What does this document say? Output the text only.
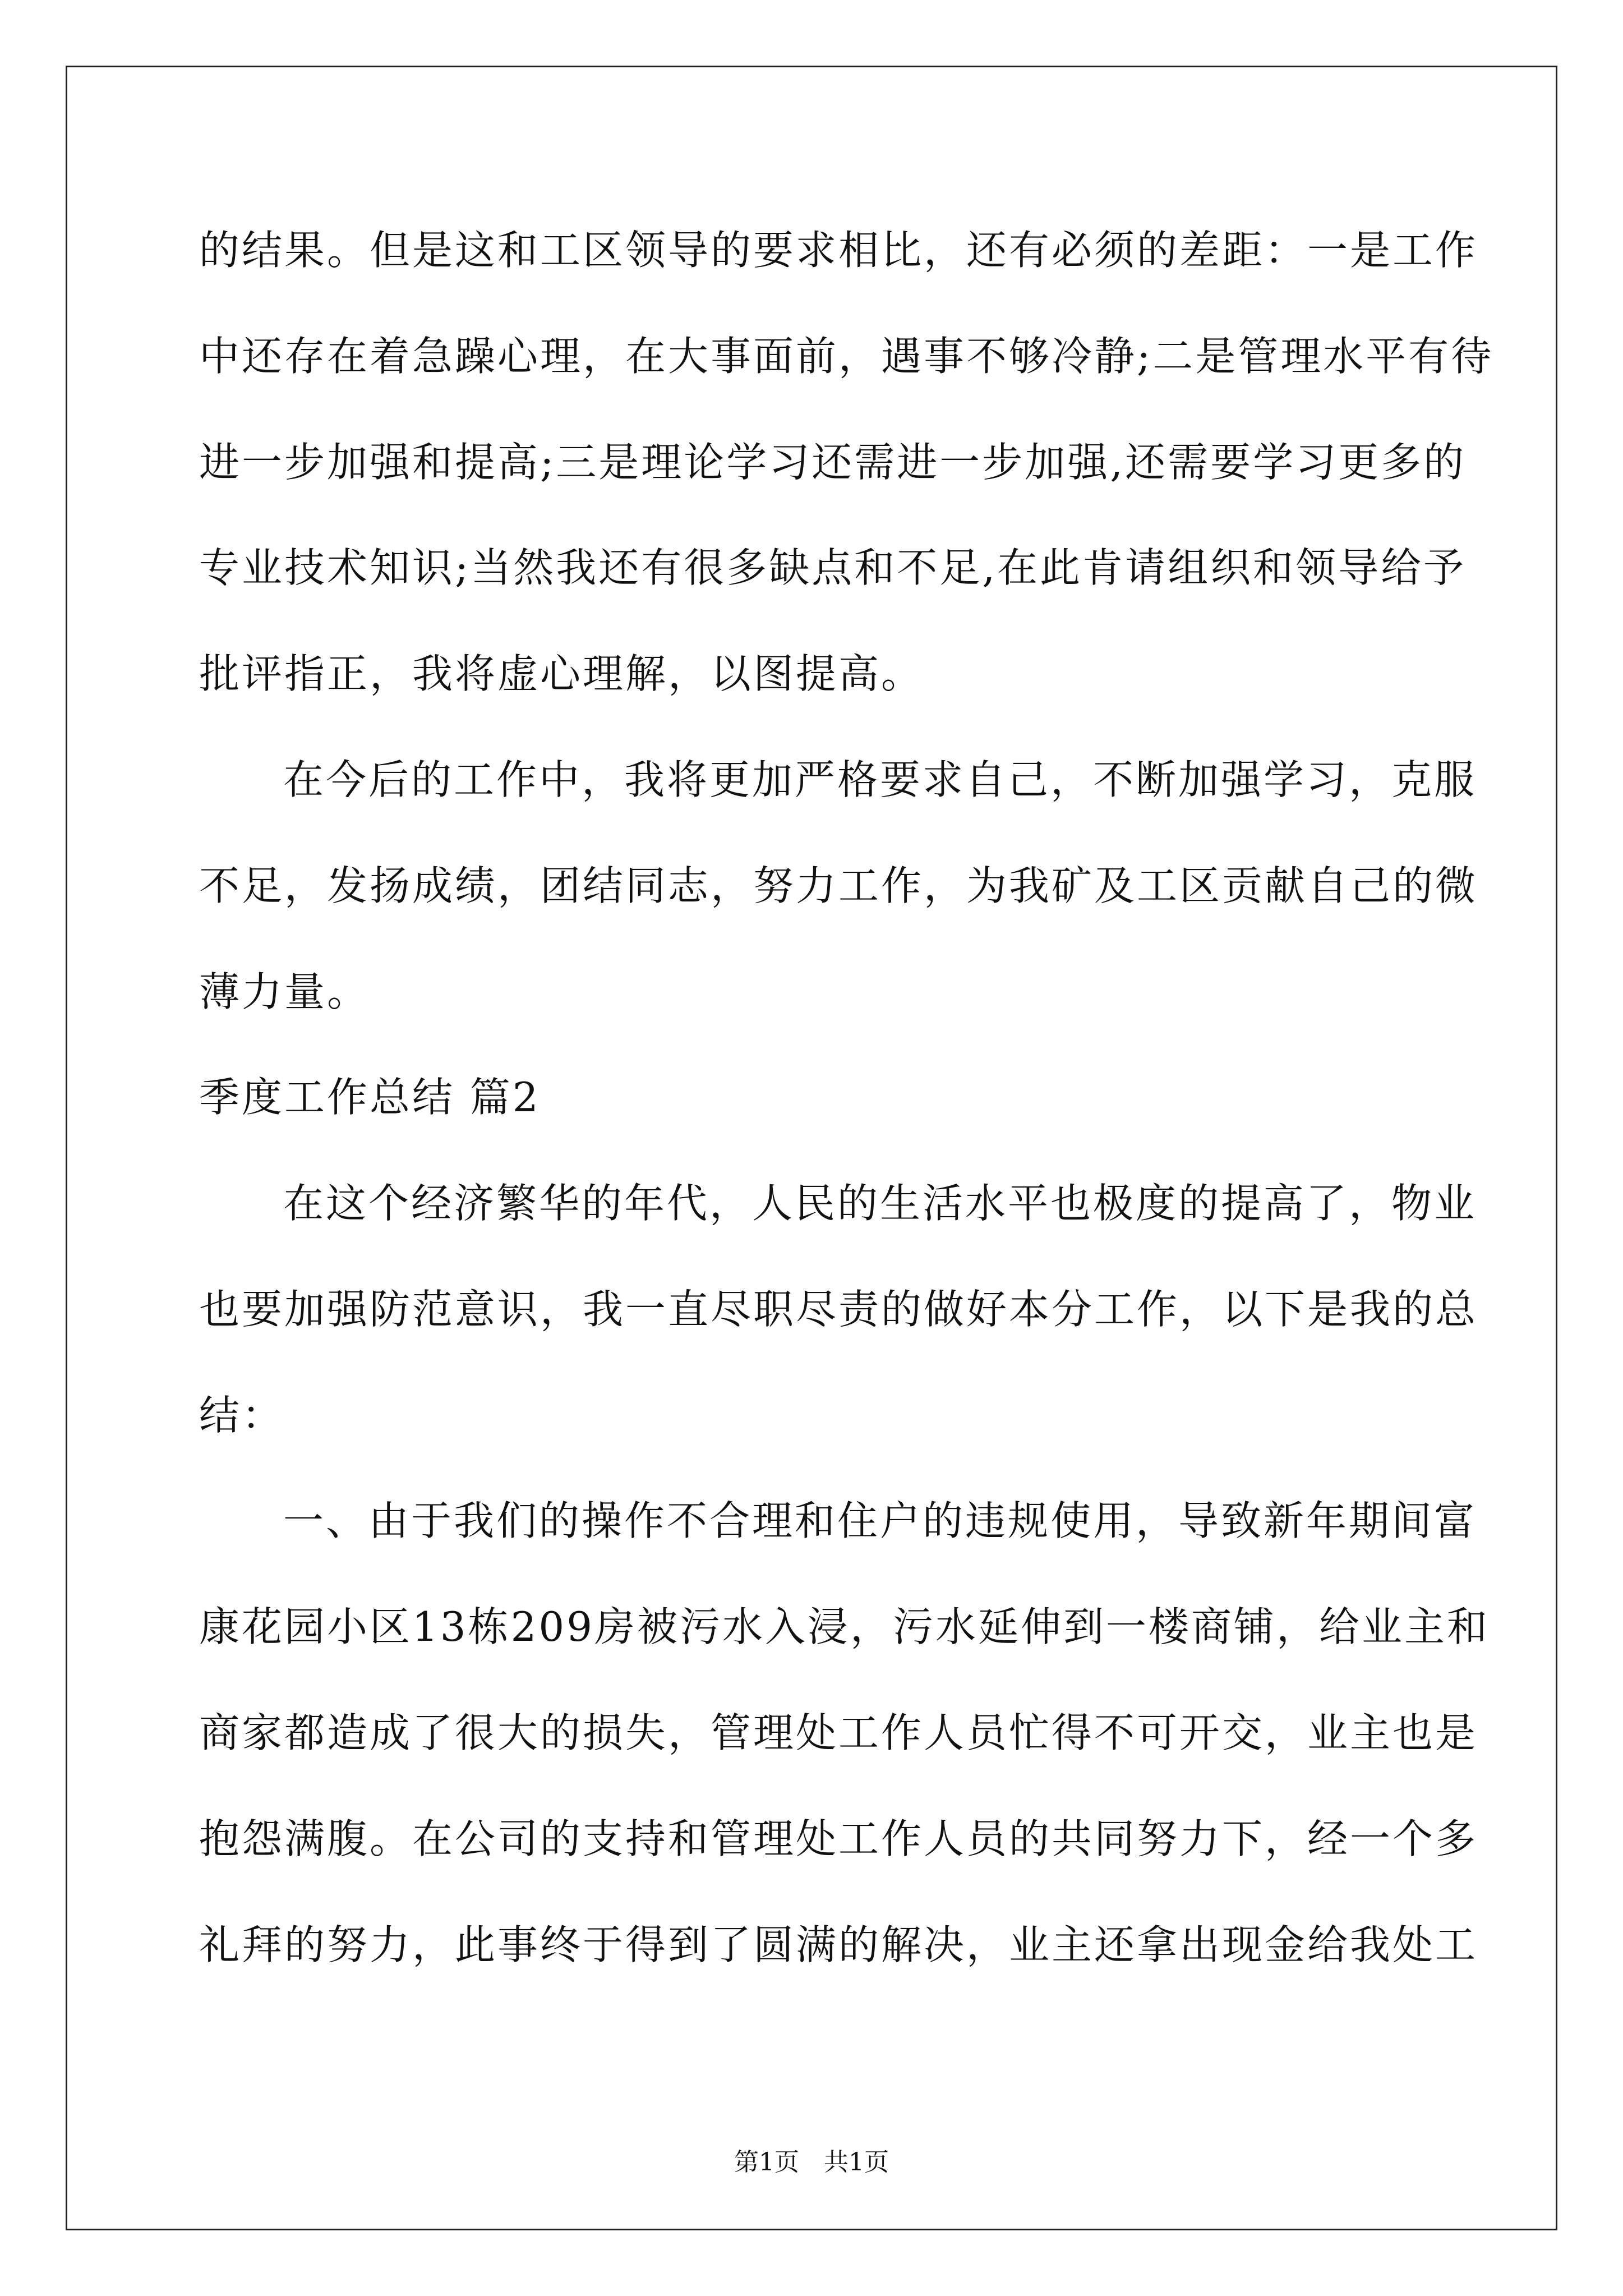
的结果。但是这和工区领导的要求相比，还有必须的差距：一是工作
中还存在着急躁心理，在大事面前，遇事不够冷静;二是管理水平有待
进一步加强和提高;三是理论学习还需进一步加强,还需要学习更多的
专业技术知识;当然我还有很多缺点和不足,在此肯请组织和领导给予
批评指正，我将虚心理解，以图提高。
在今后的工作中，我将更加严格要求自己，不断加强学习，克服
不足，发扬成绩，团结同志，努力工作，为我矿及工区贡献自己的微
薄力量。
季度工作总结 篇2
在这个经济繁华的年代，人民的生活水平也极度的提高了，物业
也要加强防范意识，我一直尽职尽责的做好本分工作，以下是我的总
结：
一、由于我们的操作不合理和住户的违规使用，导致新年期间富
康花园小区13栋209房被污水入浸，污水延伸到一楼商铺，给业主和
商家都造成了很大的损失，管理处工作人员忙得不可开交，业主也是
抱怨满腹。在公司的支持和管理处工作人员的共同努力下，经一个多
礼拜的努力，此事终于得到了圆满的解决，业主还拿出现金给我处工
第1页　共1页
